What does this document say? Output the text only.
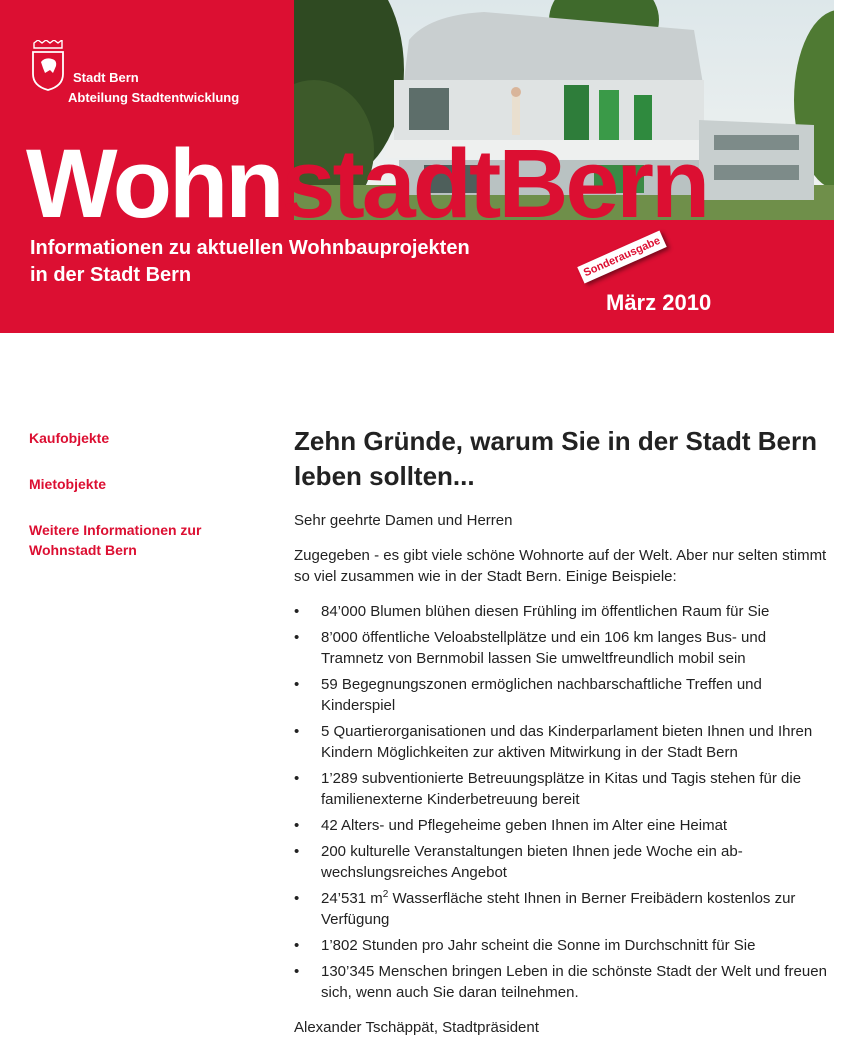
Stadt Bern
Abteilung Stadtentwicklung
WohnstadtBern
Informationen zu aktuellen Wohnbauprojekten
in der Stadt Bern	Sonderausgabe
März 2010
Kaufobjekte
Mietobjekte
Weitere Informationen zur Wohnstadt Bern
Zehn Gründe, warum Sie in der Stadt Bern leben sollten...

Sehr geehrte Damen und Herren

Zugegeben - es gibt viele schöne Wohnorte auf der Welt. Aber nur selten stimmt so viel zusammen wie in der Stadt Bern. Einige Beispiele:

• 84’000 Blumen blühen diesen Frühling im öffentlichen Raum für Sie
• 8’000 öffentliche Veloabstellplätze und ein 106 km langes Bus- und Tramnetz von Bernmobil lassen Sie umweltfreundlich mobil sein
• 59 Begegnungszonen ermöglichen nachbarschaftliche Treffen und Kinderspiel
• 5 Quartierorganisationen und das Kinderparlament bieten Ihnen und Ihren Kindern Möglichkeiten zur aktiven Mitwirkung in der Stadt Bern
• 1’289 subventionierte Betreuungsplätze in Kitas und Tagis stehen für die familienexterne Kinderbetreuung bereit
• 42 Alters- und Pflegeheime geben Ihnen im Alter eine Heimat
• 200 kulturelle Veranstaltungen bieten Ihnen jede Woche ein ab-wechslungsreiches Angebot
• 24’531 $m^2$ Wasserfläche steht Ihnen in Berner Freibädern kostenlos zur Verfügung
• 1’802 Stunden pro Jahr scheint die Sonne im Durchschnitt für Sie
• 130’345 Menschen bringen Leben in die schönste Stadt der Welt und freuen sich, wenn auch Sie daran teilnehmen.

Alexander Tschäppät, Stadtpräsident
